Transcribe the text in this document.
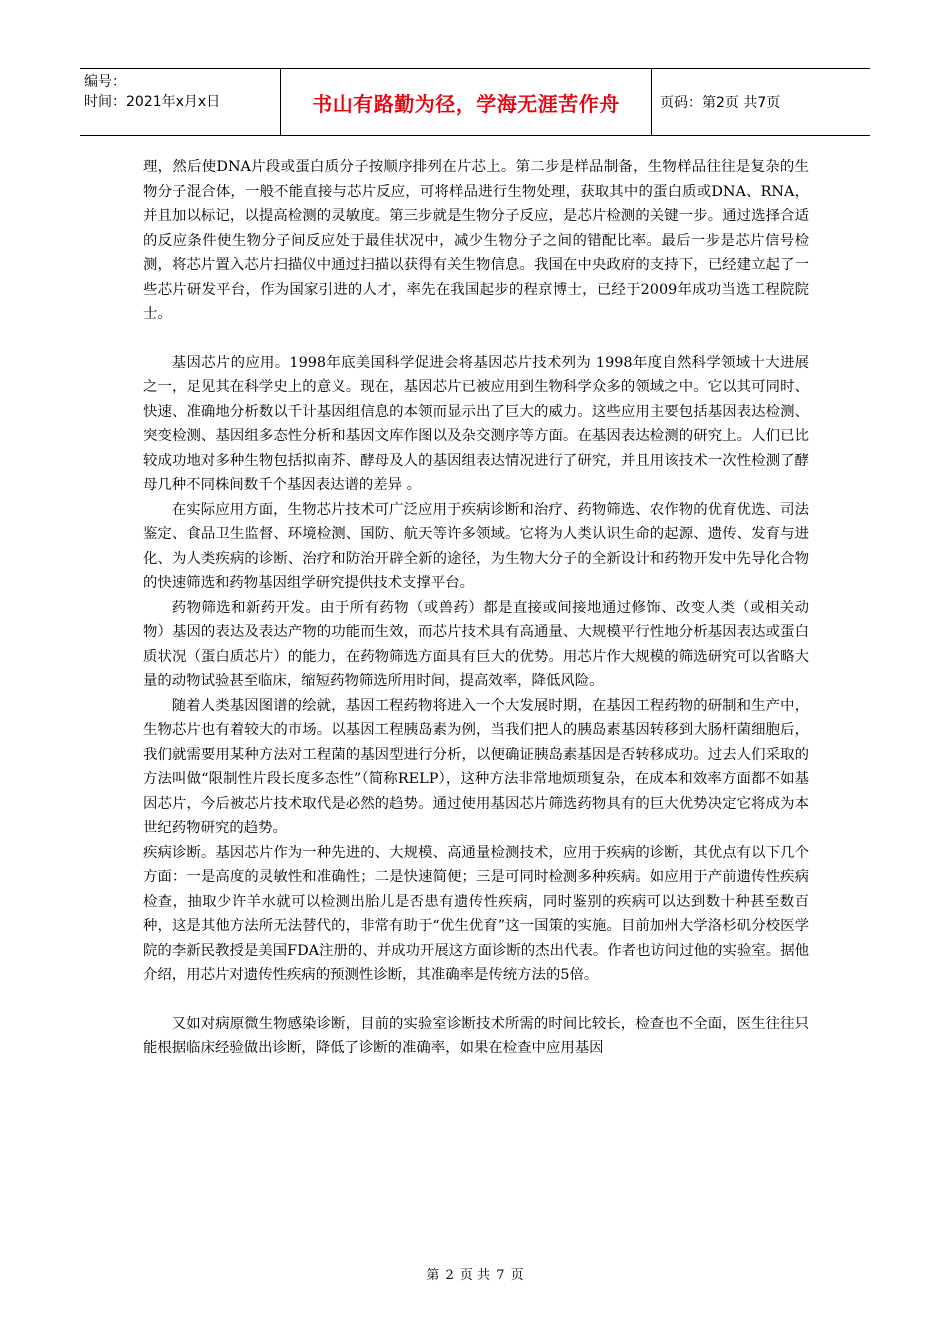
编号：
时间：2021年x月x日	书山有路勤为径，学海无涯苦作舟	页码：第2页 共7页

理，然后使DNA片段或蛋白质分子按顺序排列在片芯上。第二步是样品制备，生物样品往往是复杂的生物分子混合体，一般不能直接与芯片反应，可将样品进行生物处理，获取其中的蛋白质或DNA、RNA，并且加以标记，以提高检测的灵敏度。第三步就是生物分子反应，是芯片检测的关键一步。通过选择合适的反应条件使生物分子间反应处于最佳状况中，减少生物分子之间的错配比率。最后一步是芯片信号检测，将芯片置入芯片扫描仪中通过扫描以获得有关生物信息。我国在中央政府的支持下，已经建立起了一些芯片研发平台，作为国家引进的人才，率先在我国起步的程京博士，已经于2009年成功当选工程院院士。

基因芯片的应用。1998年底美国科学促进会将基因芯片技术列为 1998年度自然科学领域十大进展之一，足见其在科学史上的意义。现在，基因芯片已被应用到生物科学众多的领域之中。它以其可同时、快速、准确地分析数以千计基因组信息的本领而显示出了巨大的威力。这些应用主要包括基因表达检测、突变检测、基因组多态性分析和基因文库作图以及杂交测序等方面。在基因表达检测的研究上。人们已比较成功地对多种生物包括拟南芥、酵母及人的基因组表达情况进行了研究，并且用该技术一次性检测了酵母几种不同株间数千个基因表达谱的差异 。

在实际应用方面，生物芯片技术可广泛应用于疾病诊断和治疗、药物筛选、农作物的优育优选、司法鉴定、食品卫生监督、环境检测、国防、航天等许多领域。它将为人类认识生命的起源、遗传、发育与进化、为人类疾病的诊断、治疗和防治开辟全新的途径，为生物大分子的全新设计和药物开发中先导化合物的快速筛选和药物基因组学研究提供技术支撑平台。

药物筛选和新药开发。由于所有药物（或兽药）都是直接或间接地通过修饰、改变人类（或相关动物）基因的表达及表达产物的功能而生效，而芯片技术具有高通量、大规模平行性地分析基因表达或蛋白质状况（蛋白质芯片）的能力，在药物筛选方面具有巨大的优势。用芯片作大规模的筛选研究可以省略大量的动物试验甚至临床，缩短药物筛选所用时间，提高效率，降低风险。

随着人类基因图谱的绘就，基因工程药物将进入一个大发展时期，在基因工程药物的研制和生产中，生物芯片也有着较大的市场。以基因工程胰岛素为例，当我们把人的胰岛素基因转移到大肠杆菌细胞后，我们就需要用某种方法对工程菌的基因型进行分析，以便确证胰岛素基因是否转移成功。过去人们采取的方法叫做“限制性片段长度多态性”（简称RELP），这种方法非常地烦琐复杂，在成本和效率方面都不如基因芯片，今后被芯片技术取代是必然的趋势。通过使用基因芯片筛选药物具有的巨大优势决定它将成为本世纪药物研究的趋势。

疾病诊断。基因芯片作为一种先进的、大规模、高通量检测技术，应用于疾病的诊断，其优点有以下几个方面：一是高度的灵敏性和准确性；二是快速简便；三是可同时检测多种疾病。如应用于产前遗传性疾病检查，抽取少许羊水就可以检测出胎儿是否患有遗传性疾病，同时鉴别的疾病可以达到数十种甚至数百种，这是其他方法所无法替代的，非常有助于“优生优育”这一国策的实施。目前加州大学洛杉矶分校医学院的李新民教授是美国FDA注册的、并成功开展这方面诊断的杰出代表。作者也访问过他的实验室。据他介绍，用芯片对遗传性疾病的预测性诊断，其准确率是传统方法的5倍。

又如对病原微生物感染诊断，目前的实验室诊断技术所需的时间比较长，检查也不全面，医生往往只能根据临床经验做出诊断，降低了诊断的准确率，如果在检查中应用基因

第 2 页 共 7 页
